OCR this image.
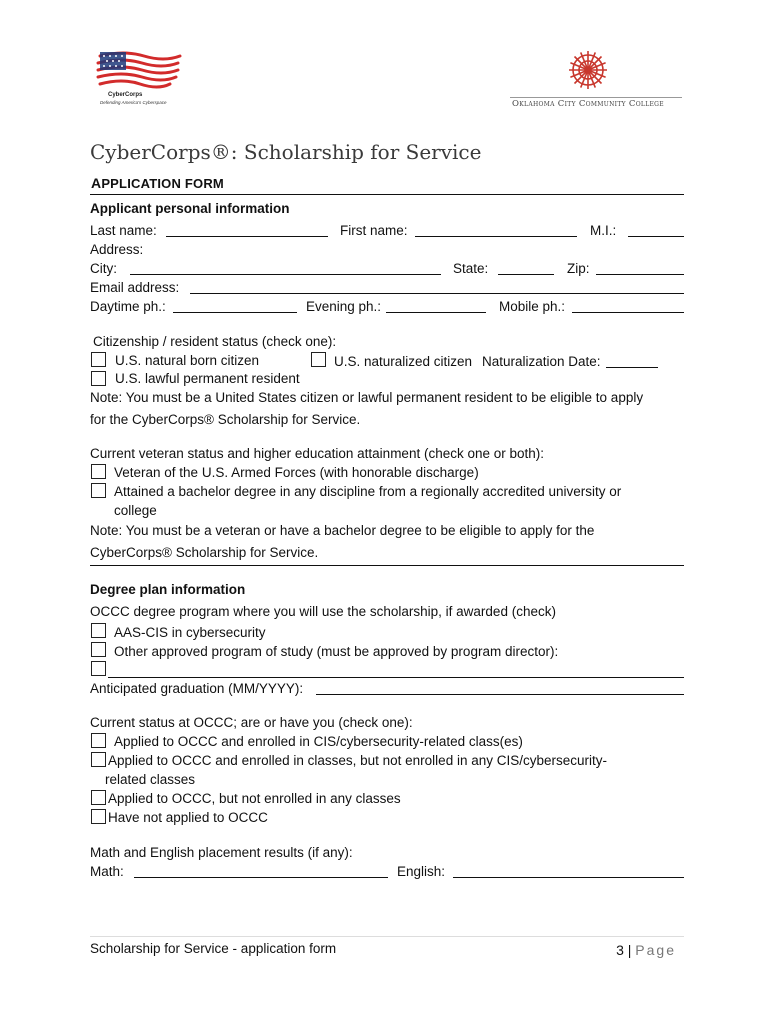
CyberCorps
Defending America's Cyberspace	Oklahoma City Community College
CyberCorps®: Scholarship for Service
APPLICATION FORM
Applicant personal information
Last name:	First name:	M.I.:
Address:
City:	State:	Zip:
Email address:
Daytime ph.:	Evening ph.:	Mobile ph.:
Citizenship / resident status (check one):
U.S. natural born citizen	U.S. naturalized citizen Naturalization Date:
U.S. lawful permanent resident
Note: You must be a United States citizen or lawful permanent resident to be eligible to apply
for the CyberCorps® Scholarship for Service.
Current veteran status and higher education attainment (check one or both):
Veteran of the U.S. Armed Forces (with honorable discharge)
Attained a bachelor degree in any discipline from a regionally accredited university or
college
Note: You must be a veteran or have a bachelor degree to be eligible to apply for the
CyberCorps® Scholarship for Service.
Degree plan information
OCCC degree program where you will use the scholarship, if awarded (check)
AAS-CIS in cybersecurity
Other approved program of study (must be approved by program director):
Anticipated graduation (MM/YYYY):
Current status at OCCC; are or have you (check one):
Applied to OCCC and enrolled in CIS/cybersecurity-related class(es)
Applied to OCCC and enrolled in classes, but not enrolled in any CIS/cybersecurity-
related classes
Applied to OCCC, but not enrolled in any classes
Have not applied to OCCC
Math and English placement results (if any):
Math:	English:
Scholarship for Service - application form	3 | Page
